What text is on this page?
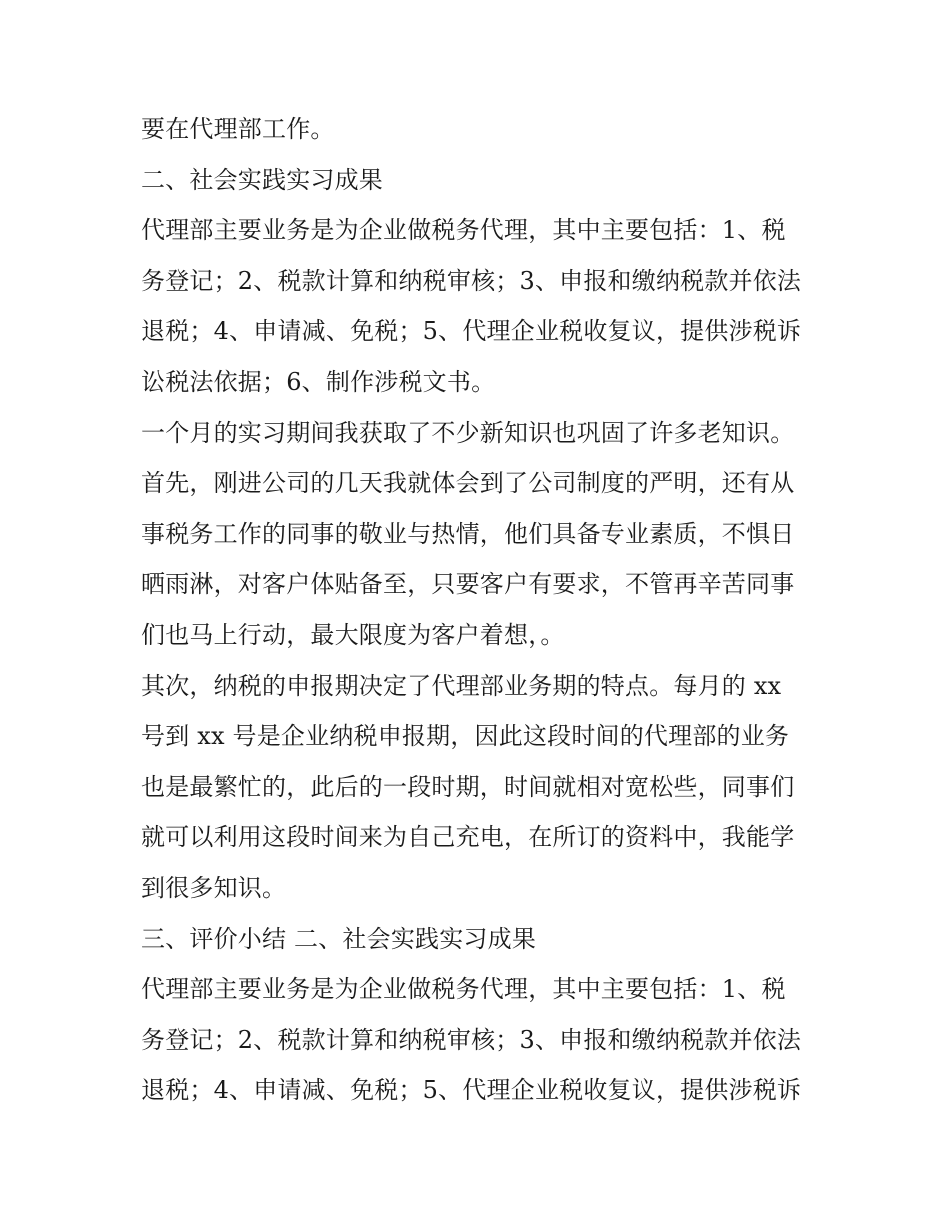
要在代理部工作。
二、社会实践实习成果
代理部主要业务是为企业做税务代理，其中主要包括：1、税
务登记；2、税款计算和纳税审核；3、申报和缴纳税款并依法
退税；4、申请减、免税；5、代理企业税收复议，提供涉税诉
讼税法依据；6、制作涉税文书。
一个月的实习期间我获取了不少新知识也巩固了许多老知识。
首先，刚进公司的几天我就体会到了公司制度的严明，还有从
事税务工作的同事的敬业与热情，他们具备专业素质，不惧日
晒雨淋，对客户体贴备至，只要客户有要求，不管再辛苦同事
们也马上行动，最大限度为客户着想，。
其次，纳税的申报期决定了代理部业务期的特点。每月的 xx
号到 xx 号是企业纳税申报期，因此这段时间的代理部的业务
也是最繁忙的，此后的一段时期，时间就相对宽松些，同事们
就可以利用这段时间来为自己充电，在所订的资料中，我能学
到很多知识。
三、评价小结 二、社会实践实习成果
代理部主要业务是为企业做税务代理，其中主要包括：1、税
务登记；2、税款计算和纳税审核；3、申报和缴纳税款并依法
退税；4、申请减、免税；5、代理企业税收复议，提供涉税诉
